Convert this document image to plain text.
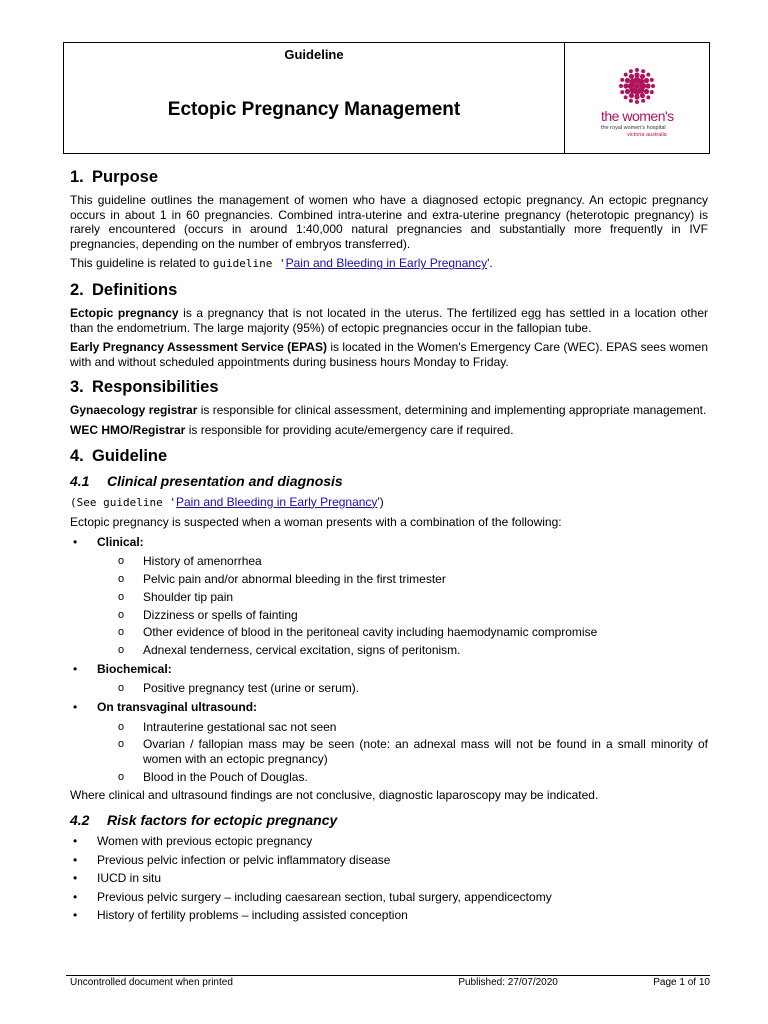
Guideline
Ectopic Pregnancy Management	the women's
the royal women's hospital
victoria australia
1. Purpose

This guideline outlines the management of women who have a diagnosed ectopic pregnancy. An ectopic pregnancy occurs in about 1 in 60 pregnancies. Combined intra-uterine and extra-uterine pregnancy (heterotopic pregnancy) is rarely encountered (occurs in around 1:40,000 natural pregnancies and substantially more frequently in IVF pregnancies, depending on the number of embryos transferred).

This guideline is related to guideline 'Pain and Bleeding in Early Pregnancy'.

2. Definitions

Ectopic pregnancy is a pregnancy that is not located in the uterus. The fertilized egg has settled in a location other than the endometrium. The large majority (95%) of ectopic pregnancies occur in the fallopian tube.

Early Pregnancy Assessment Service (EPAS) is located in the Women's Emergency Care (WEC). EPAS sees women with and without scheduled appointments during business hours Monday to Friday.

3. Responsibilities

Gynaecology registrar is responsible for clinical assessment, determining and implementing appropriate management.

WEC HMO/Registrar is responsible for providing acute/emergency care if required.

4. Guideline
4.1 Clinical presentation and diagnosis

(See guideline 'Pain and Bleeding in Early Pregnancy')

Ectopic pregnancy is suspected when a woman presents with a combination of the following:

• Clinical:
o History of amenorrhea
o Pelvic pain and/or abnormal bleeding in the first trimester
o Shoulder tip pain
o Dizziness or spells of fainting
o Other evidence of blood in the peritoneal cavity including haemodynamic compromise
o Adnexal tenderness, cervical excitation, signs of peritonism.
• Biochemical:
o Positive pregnancy test (urine or serum).
• On transvaginal ultrasound:
o Intrauterine gestational sac not seen
o Ovarian / fallopian mass may be seen (note: an adnexal mass will not be found in a small minority of women with an ectopic pregnancy)
o Blood in the Pouch of Douglas.

Where clinical and ultrasound findings are not conclusive, diagnostic laparoscopy may be indicated.

4.2 Risk factors for ectopic pregnancy
• Women with previous ectopic pregnancy
• Previous pelvic infection or pelvic inflammatory disease
• IUCD in situ
• Previous pelvic surgery – including caesarean section, tubal surgery, appendicectomy
• History of fertility problems – including assisted conception
Uncontrolled document when printed	Published: 27/07/2020	Page 1 of 10
